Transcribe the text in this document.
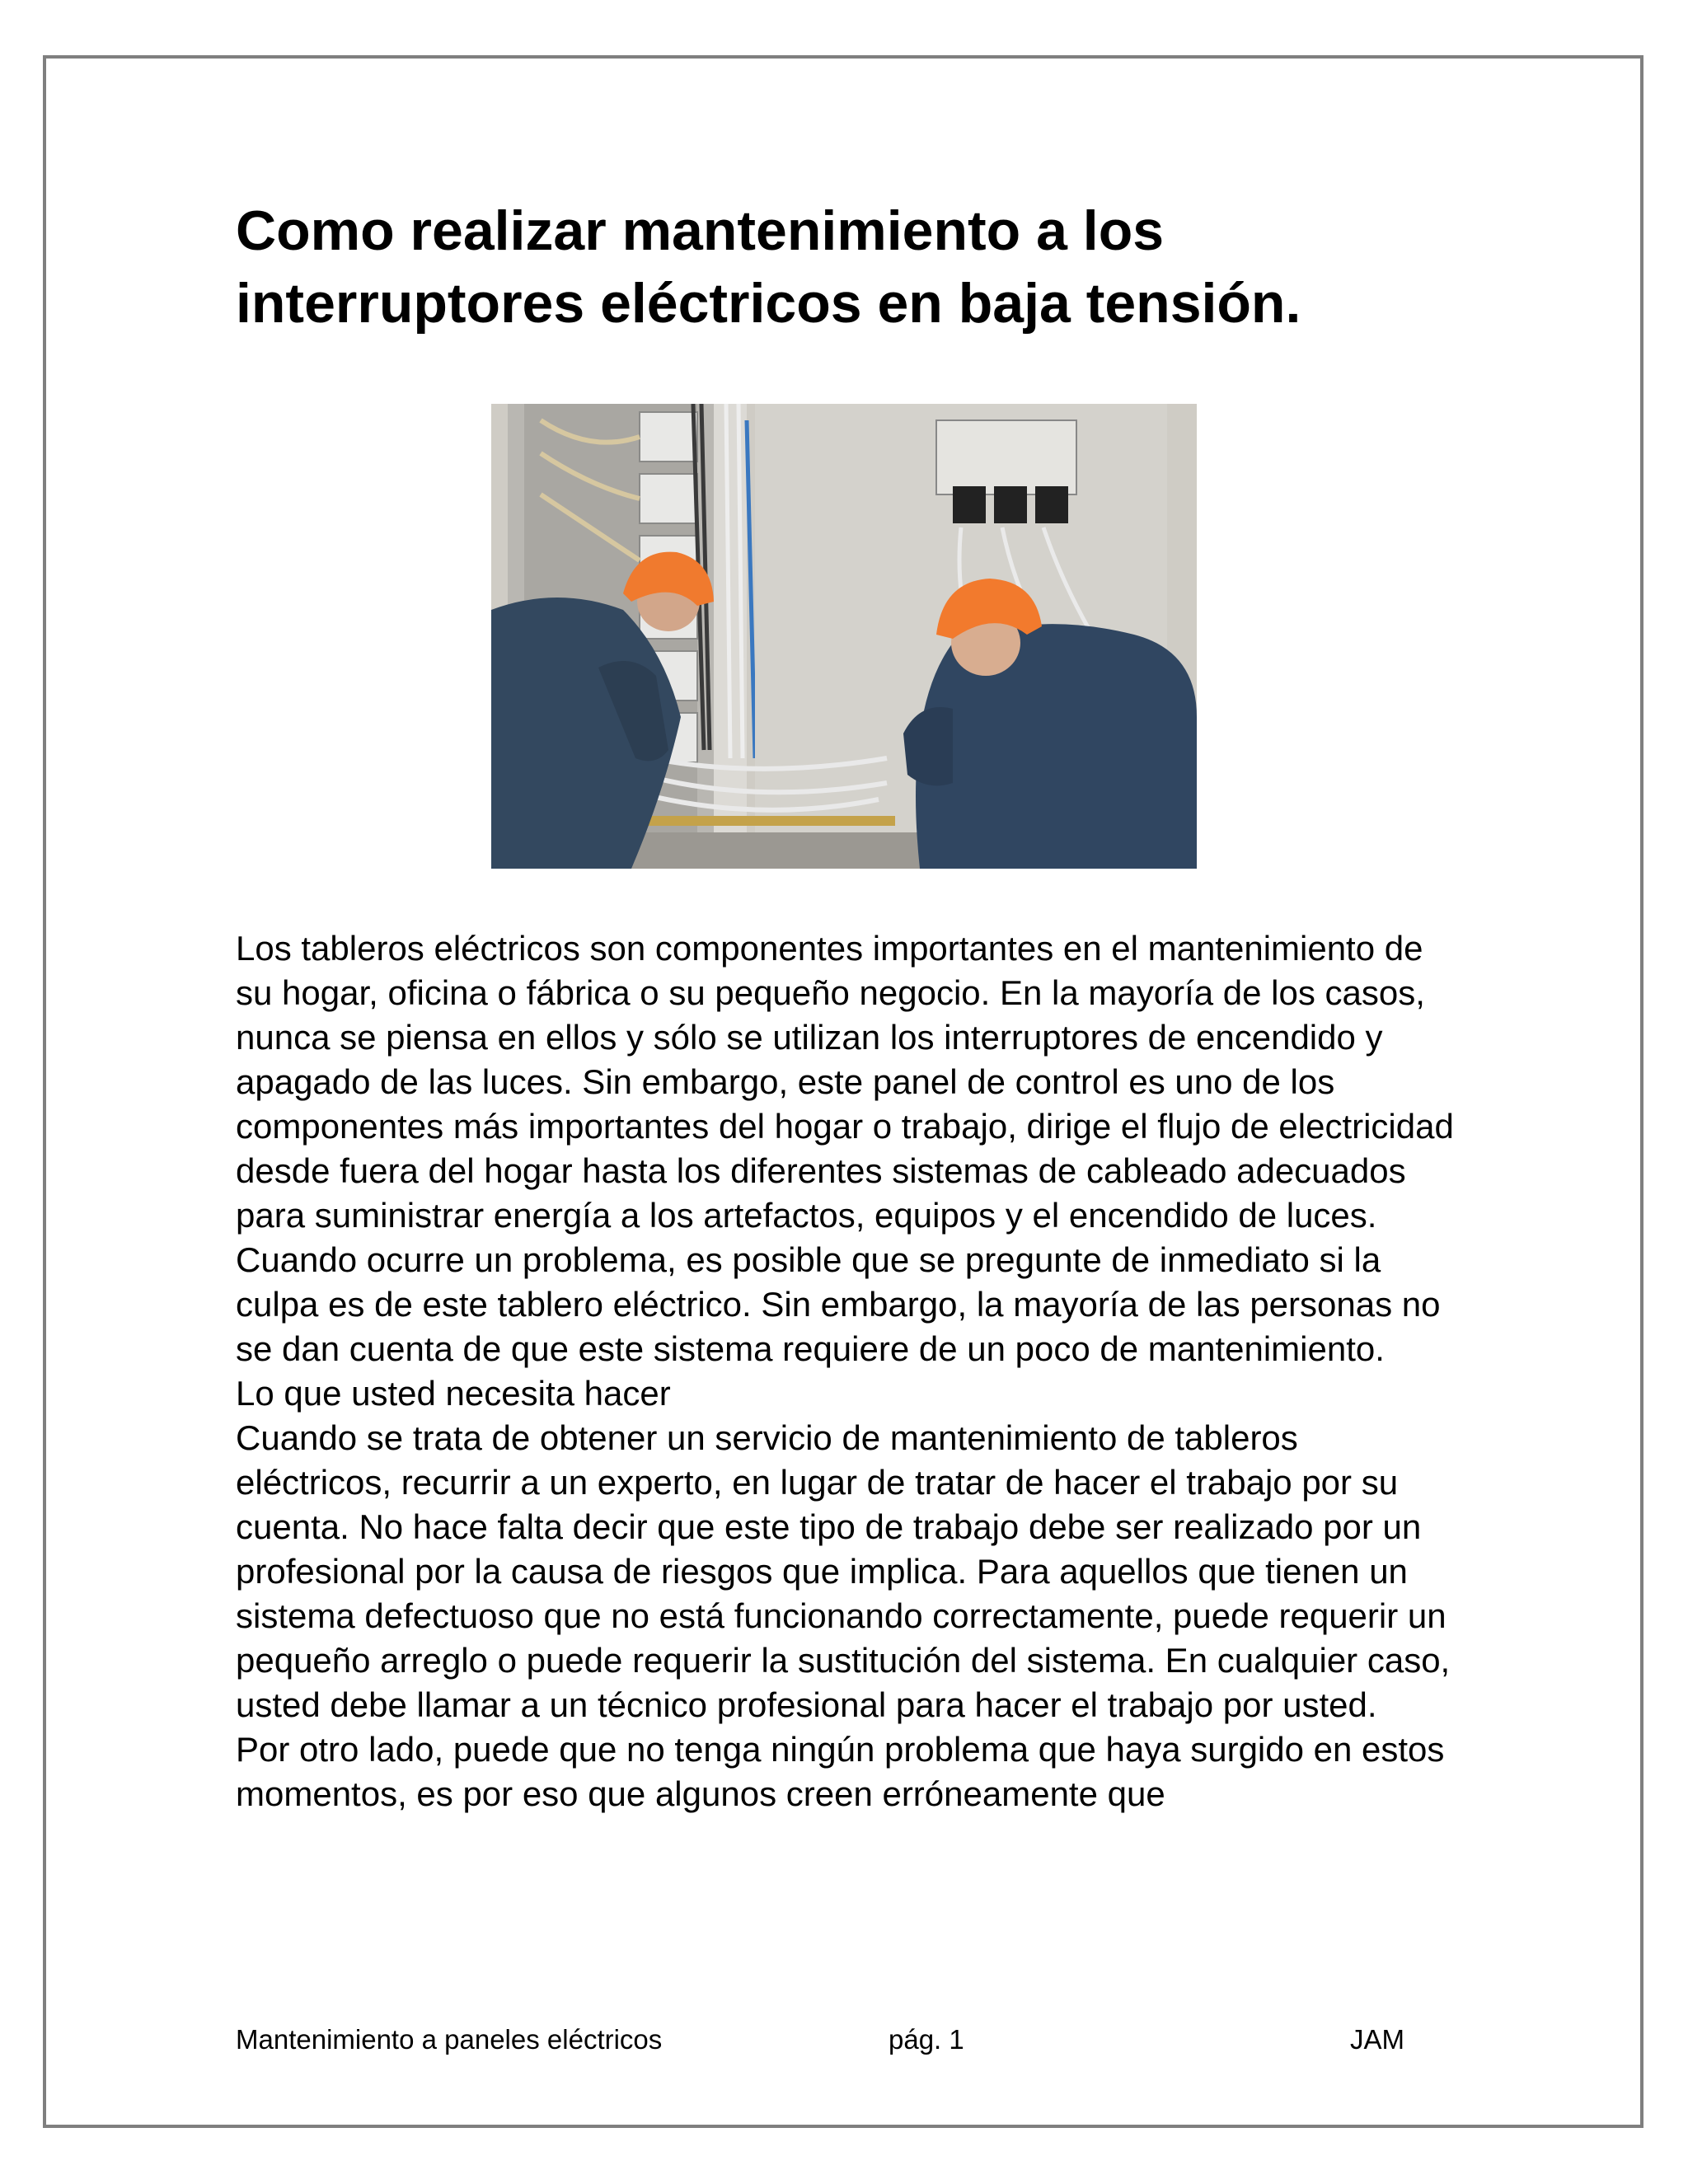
Como realizar mantenimiento a los interruptores eléctricos en baja tensión.

Los tableros eléctricos son componentes importantes en el mantenimiento de su hogar, oficina o fábrica o su pequeño negocio. En la mayoría de los casos, nunca se piensa en ellos y sólo se utilizan los interruptores de encendido y apagado de las luces. Sin embargo, este panel de control es uno de los componentes más importantes del hogar o trabajo, dirige el flujo de electricidad desde fuera del hogar hasta los diferentes sistemas de cableado adecuados para suministrar energía a los artefactos, equipos y el encendido de luces. Cuando ocurre un problema, es posible que se pregunte de inmediato si la culpa es de este tablero eléctrico. Sin embargo, la mayoría de las personas no se dan cuenta de que este sistema requiere de un poco de mantenimiento.

Lo que usted necesita hacer

Cuando se trata de obtener un servicio de mantenimiento de tableros eléctricos, recurrir a un experto, en lugar de tratar de hacer el trabajo por su cuenta. No hace falta decir que este tipo de trabajo debe ser realizado por un profesional por la causa de riesgos que implica. Para aquellos que tienen un sistema defectuoso que no está funcionando correctamente, puede requerir un pequeño arreglo o puede requerir la sustitución del sistema. En cualquier caso, usted debe llamar a un técnico profesional para hacer el trabajo por usted.

Por otro lado, puede que no tenga ningún problema que haya surgido en estos momentos, es por eso que algunos creen erróneamente que

Mantenimiento a paneles eléctricos	pág. 1	JAM
